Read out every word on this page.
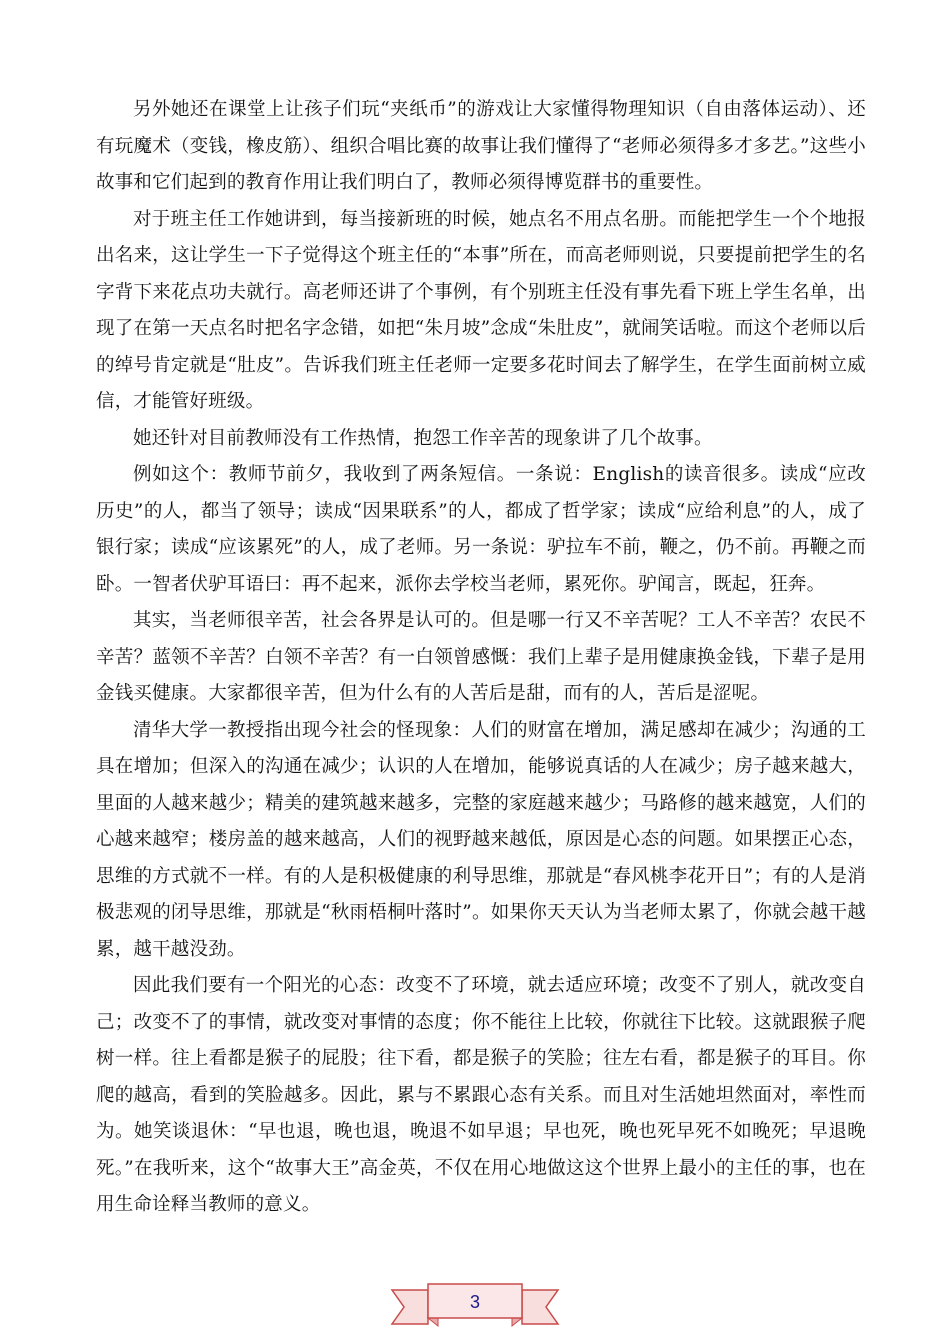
另外她还在课堂上让孩子们玩“夹纸币”的游戏让大家懂得物理知识（自由落体运动）、还有玩魔术（变钱，橡皮筋）、组织合唱比赛的故事让我们懂得了“老师必须得多才多艺。”这些小故事和它们起到的教育作用让我们明白了，教师必须得博览群书的重要性。

对于班主任工作她讲到，每当接新班的时候，她点名不用点名册。而能把学生一个个地报出名来，这让学生一下子觉得这个班主任的“本事”所在，而高老师则说，只要提前把学生的名字背下来花点功夫就行。高老师还讲了个事例，有个别班主任没有事先看下班上学生名单，出现了在第一天点名时把名字念错，如把“朱月坡”念成“朱肚皮”，就闹笑话啦。而这个老师以后的绰号肯定就是“肚皮”。告诉我们班主任老师一定要多花时间去了解学生，在学生面前树立威信，才能管好班级。

她还针对目前教师没有工作热情，抱怨工作辛苦的现象讲了几个故事。

例如这个：教师节前夕，我收到了两条短信。一条说：English的读音很多。读成“应改历史”的人，都当了领导；读成“因果联系”的人，都成了哲学家；读成“应给利息”的人，成了银行家；读成“应该累死”的人，成了老师。另一条说：驴拉车不前，鞭之，仍不前。再鞭之而卧。一智者伏驴耳语曰：再不起来，派你去学校当老师，累死你。驴闻言，既起，狂奔。

其实，当老师很辛苦，社会各界是认可的。但是哪一行又不辛苦呢？工人不辛苦？农民不辛苦？蓝领不辛苦？白领不辛苦？有一白领曾感慨：我们上辈子是用健康换金钱，下辈子是用金钱买健康。大家都很辛苦，但为什么有的人苦后是甜，而有的人，苦后是涩呢。

清华大学一教授指出现今社会的怪现象：人们的财富在增加，满足感却在减少；沟通的工具在增加；但深入的沟通在减少；认识的人在增加，能够说真话的人在减少；房子越来越大，里面的人越来越少；精美的建筑越来越多，完整的家庭越来越少；马路修的越来越宽，人们的心越来越窄；楼房盖的越来越高，人们的视野越来越低，原因是心态的问题。如果摆正心态，思维的方式就不一样。有的人是积极健康的利导思维，那就是“春风桃李花开日”；有的人是消极悲观的闭导思维，那就是“秋雨梧桐叶落时”。如果你天天认为当老师太累了，你就会越干越累，越干越没劲。

因此我们要有一个阳光的心态：改变不了环境，就去适应环境；改变不了别人，就改变自己；改变不了的事情，就改变对事情的态度；你不能往上比较，你就往下比较。这就跟猴子爬树一样。往上看都是猴子的屁股；往下看，都是猴子的笑脸；往左右看，都是猴子的耳目。你爬的越高，看到的笑脸越多。因此，累与不累跟心态有关系。而且对生活她坦然面对，率性而为。她笑谈退休：“早也退，晚也退，晚退不如早退；早也死，晚也死早死不如晚死；早退晚死。”在我听来，这个“故事大王”高金英，不仅在用心地做这这个世界上最小的主任的事，也在用生命诠释当教师的意义。

3
